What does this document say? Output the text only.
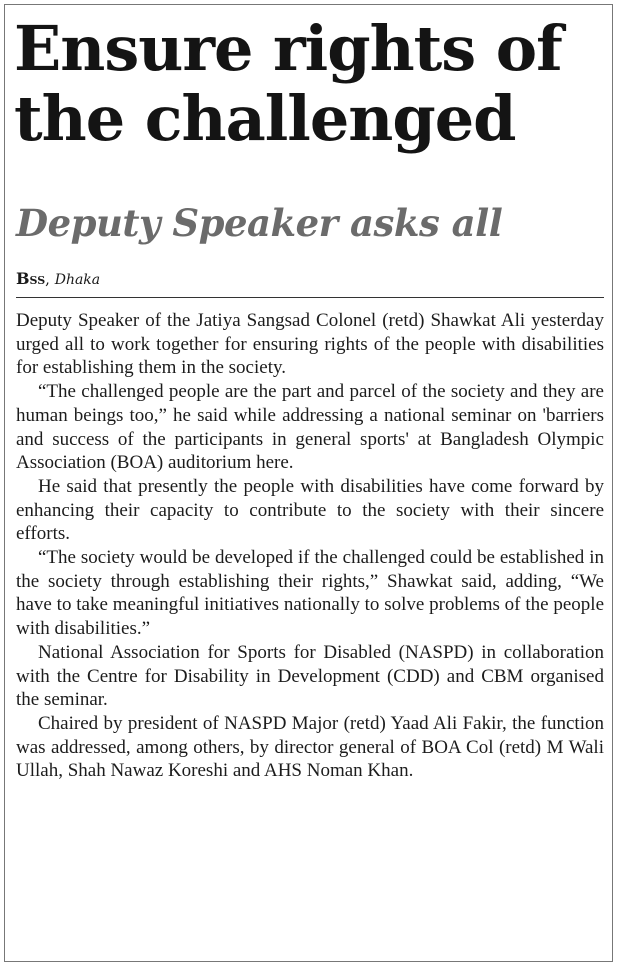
Ensure rights of the challenged
Deputy Speaker asks all
Bss, Dhaka

Deputy Speaker of the Jatiya Sangsad Colonel (retd) Shawkat Ali yesterday urged all to work together for ensuring rights of the people with disabilities for establishing them in the society.

“The challenged people are the part and parcel of the society and they are human beings too,” he said while addressing a national seminar on 'barriers and success of the participants in general sports' at Bangladesh Olympic Association (BOA) auditorium here.

He said that presently the people with disabilities have come forward by enhancing their capacity to contribute to the society with their sincere efforts.

“The society would be developed if the challenged could be established in the society through establishing their rights,” Shawkat said, adding, “We have to take meaningful initiatives nationally to solve problems of the people with disabilities.”

National Association for Sports for Disabled (NASPD) in collaboration with the Centre for Disability in Development (CDD) and CBM organised the seminar.

Chaired by president of NASPD Major (retd) Yaad Ali Fakir, the function was addressed, among others, by director general of BOA Col (retd) M Wali Ullah, Shah Nawaz Koreshi and AHS Noman Khan.
